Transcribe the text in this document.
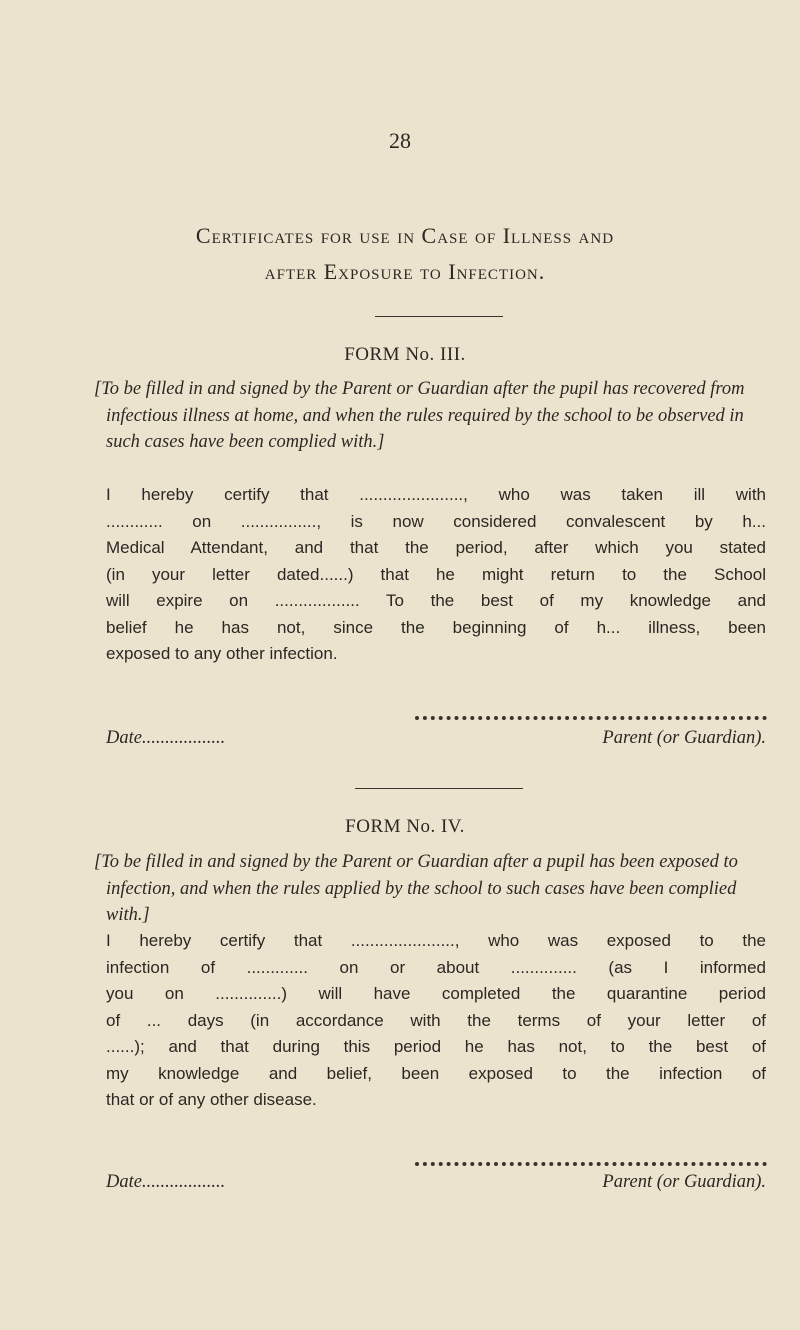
28
Certificates for use in Case of Illness and
after Exposure to Infection.
FORM No. III.
[To be filled in and signed by the Parent or Guardian after the pupil has recovered from infectious illness at home, and when the rules required by the school to be observed in such cases have been complied with.]
I hereby certify that ......................, who was taken ill with
............ on ................, is now considered convalescent by h...
Medical Attendant, and that the period, after which you stated
(in your letter dated......) that he might return to the School
will expire on .................. To the best of my knowledge and
belief he has not, since the beginning of h... illness, been
exposed to any other infection.
Date..................	Parent (or Guardian).
FORM No. IV.
[To be filled in and signed by the Parent or Guardian after a pupil has been exposed to infection, and when the rules applied by the school to such cases have been complied with.]
I hereby certify that ......................, who was exposed to the
infection of ............. on or about .............. (as I informed
you on ..............) will have completed the quarantine period
of ... days (in accordance with the terms of your letter of
......); and that during this period he has not, to the best of
my knowledge and belief, been exposed to the infection of
that or of any other disease.
Date..................	Parent (or Guardian).
